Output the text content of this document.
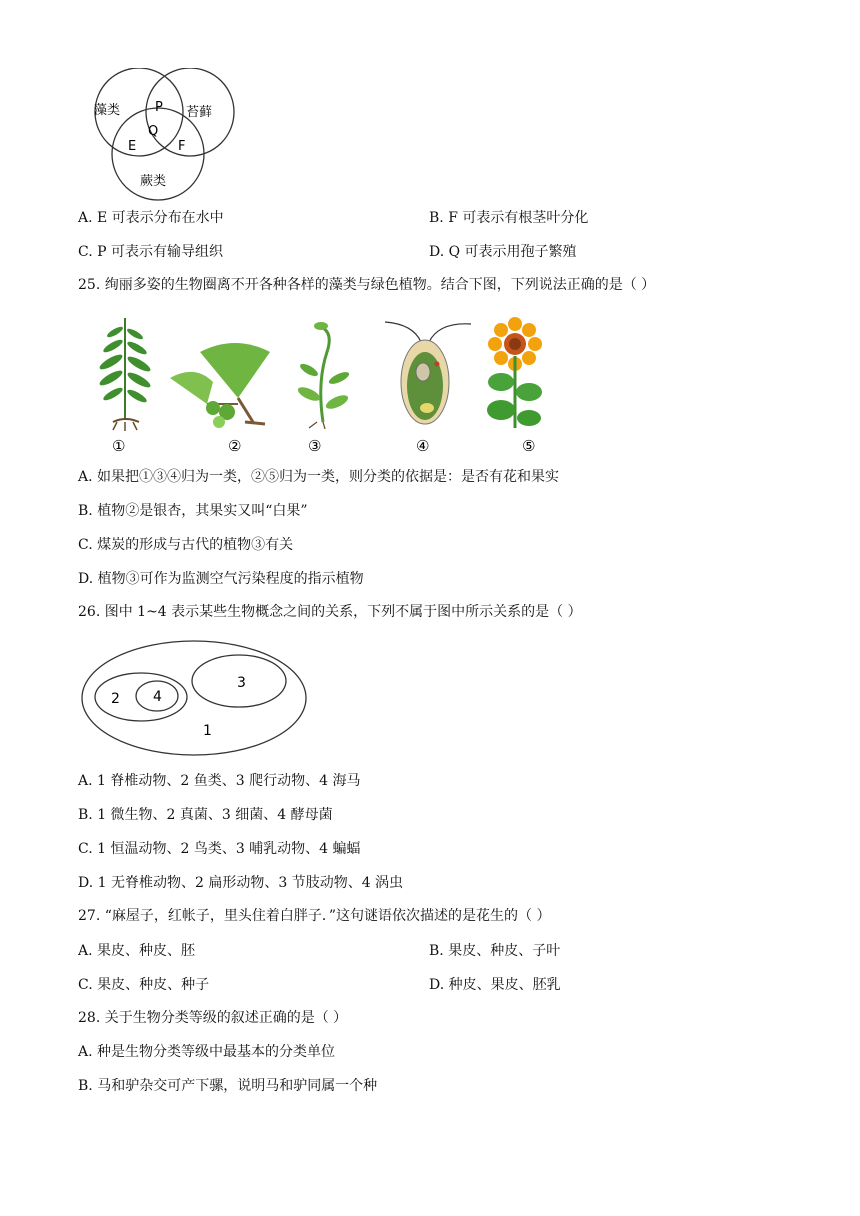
藻类	苔藓
蕨类
P
Q
E	F
A. E 可表示分布在水中	B. F 可表示有根茎叶分化
C. P 可表示有输导组织	D. Q 可表示用孢子繁殖
25. 绚丽多姿的生物圈离不开各种各样的藻类与绿色植物。结合下图，下列说法正确的是（ ）
①	②	③	④	⑤
A. 如果把①③④归为一类，②⑤归为一类，则分类的依据是：是否有花和果实
B. 植物②是银杏，其果实又叫“白果”
C. 煤炭的形成与古代的植物③有关
D. 植物③可作为监测空气污染程度的指示植物
26. 图中 1~4 表示某些生物概念之间的关系，下列不属于图中所示关系的是（ ）
1
2
3
4
A. 1 脊椎动物、2 鱼类、3 爬行动物、4 海马
B. 1 微生物、2 真菌、3 细菌、4 酵母菌
C. 1 恒温动物、2 鸟类、3 哺乳动物、4 蝙蝠
D. 1 无脊椎动物、2 扁形动物、3 节肢动物、4 涡虫
27. “麻屋子，红帐子，里头住着白胖子．”这句谜语依次描述的是花生的（ ）
A. 果皮、种皮、胚	B. 果皮、种皮、子叶
C. 果皮、种皮、种子	D. 种皮、果皮、胚乳
28. 关于生物分类等级的叙述正确的是（ ）
A. 种是生物分类等级中最基本的分类单位
B. 马和驴杂交可产下骡，说明马和驴同属一个种
